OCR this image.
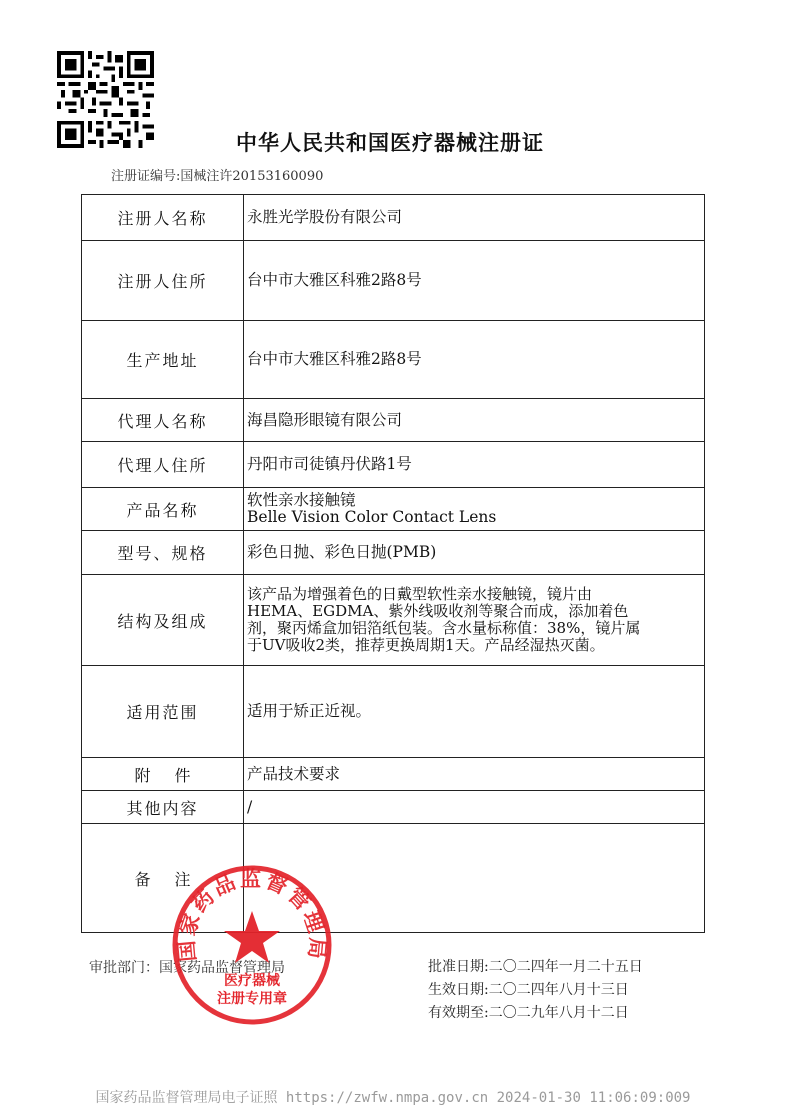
中华人民共和国医疗器械注册证
注册证编号:国械注许20153160090
注册人名称	永胜光学股份有限公司

注册人住所	台中市大雅区科雅2路8号

生产地址	台中市大雅区科雅2路8号

代理人名称	海昌隐形眼镜有限公司

代理人住所	丹阳市司徒镇丹伏路1号

产品名称	软性亲水接触镜
Belle Vision Color Contact Lens

型号、规格	彩色日抛、彩色日抛(PMB)

结构及组成	该产品为增强着色的日戴型软性亲水接触镜，镜片由
HEMA、EGDMA、紫外线吸收剂等聚合而成，添加着色
剂，聚丙烯盒加铝箔纸包装。含水量标称值：38%，镜片属
于UV吸收2类，推荐更换周期1天。产品经湿热灭菌。

适用范围	适用于矫正近视。

附件	产品技术要求

其他内容	/

备注	
审批部门：国家药品监督管理局	批准日期:二〇二四年一月二十五日
生效日期:二〇二四年八月十三日
有效期至:二〇二九年八月十二日
国家药品监督管理局
医疗器械
注册专用章
国家药品监督管理局电子证照 https://zwfw.nmpa.gov.cn 2024-01-30 11:06:09:009
